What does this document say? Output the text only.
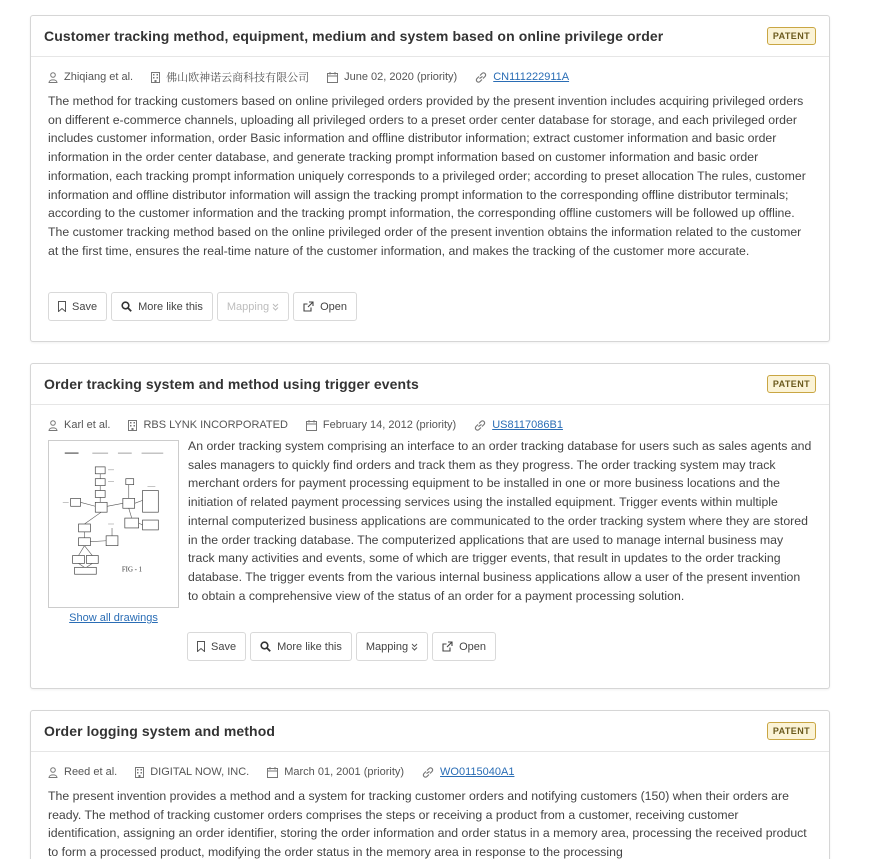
Customer tracking method, equipment, medium and system based on online privilege order	PATENT
Zhiqiang et al.	佛山欧神诺云商科技有限公司	June 02, 2020 (priority)	CN111222911A

The method for tracking customers based on online privileged orders provided by the present invention includes acquiring privileged orders on different e-commerce channels, uploading all privileged orders to a preset order center database for storage, and each privileged order includes customer information, order Basic information and offline distributor information; extract customer information and basic order information in the order center database, and generate tracking prompt information based on customer information and basic order information, each tracking prompt information uniquely corresponds to a privileged order; according to preset allocation The rules, customer information and offline distributor information will assign the tracking prompt information to the corresponding offline distributor terminals; according to the customer information and the tracking prompt information, the corresponding offline customers will be followed up offline. The customer tracking method based on the online privileged order of the present invention obtains the information related to the customer at the first time, ensures the real-time nature of the customer information, and makes the tracking of the customer more accurate.

Save	More like this Mapping	Open
Order tracking system and method using trigger events	PATENT
Karl et al.	RBS LYNK INCORPORATED	February 14, 2012 (priority)	US8117086B1
FIG - 1
Show all drawings

An order tracking system comprising an interface to an order tracking database for users such as sales agents and sales managers to quickly find orders and track them as they progress. The order tracking system may track merchant orders for payment processing equipment to be installed in one or more business locations and the initiation of related payment processing services using the installed equipment. Trigger events within multiple internal computerized business applications are communicated to the order tracking system where they are stored in the order tracking database. The computerized applications that are used to manage internal business may track many activities and events, some of which are trigger events, that result in updates to the order tracking database. The trigger events from the various internal business applications allow a user of the present invention to obtain a comprehensive view of the status of an order for a payment processing solution.

Save	More like this Mapping	Open
Order logging system and method	PATENT
Reed et al.	DIGITAL NOW, INC.	March 01, 2001 (priority)	WO0115040A1

The present invention provides a method and a system for tracking customer orders and notifying customers (150) when their orders are ready. The method of tracking customer orders comprises the steps or receiving a product from a customer, receiving customer identification, assigning an order identifier, storing the order information and order status in a memory area, processing the received product to form a processed product, modifying the order status in the memory area in response to the processing
